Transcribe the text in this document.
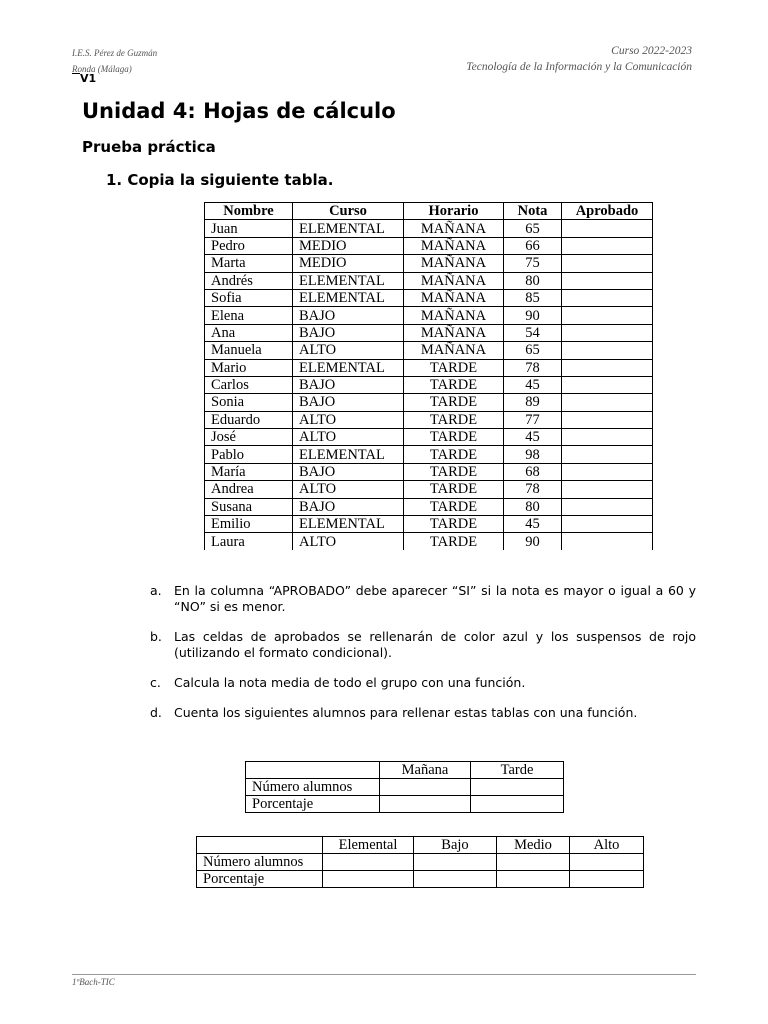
I.E.S. Pérez de Guzmán
Ronda (Málaga)
Curso 2022-2023
Tecnología de la Información y la Comunicación
V1
Unidad 4: Hojas de cálculo
Prueba práctica
1. Copia la siguiente tabla.
Nombre	Curso	Horario	Nota	Aprobado
Juan	ELEMENTAL	MAÑANA	65	
Pedro	MEDIO	MAÑANA	66	
Marta	MEDIO	MAÑANA	75	
Andrés	ELEMENTAL	MAÑANA	80	
Sofia	ELEMENTAL	MAÑANA	85	
Elena	BAJO	MAÑANA	90	
Ana	BAJO	MAÑANA	54	
Manuela	ALTO	MAÑANA	65	
Mario	ELEMENTAL	TARDE	78	
Carlos	BAJO	TARDE	45	
Sonia	BAJO	TARDE	89	
Eduardo	ALTO	TARDE	77	
José	ALTO	TARDE	45	
Pablo	ELEMENTAL	TARDE	98	
María	BAJO	TARDE	68	
Andrea	ALTO	TARDE	78	
Susana	BAJO	TARDE	80	
Emilio	ELEMENTAL	TARDE	45	
Laura	ALTO	TARDE	90	
a. En la columna “APROBADO” debe aparecer “SI” si la nota es mayor o igual a 60 y “NO” si es menor.
b. Las celdas de aprobados se rellenarán de color azul y los suspensos de rojo (utilizando el formato condicional).
c.	Calcula la nota media de todo el grupo con una función.
d. Cuenta los siguientes alumnos para rellenar estas tablas con una función.
	Mañana	Tarde
Número alumnos		
Porcentaje		
	Elemental	Bajo	Medio	Alto
Número alumnos				
Porcentaje				
1ºBach-TIC
